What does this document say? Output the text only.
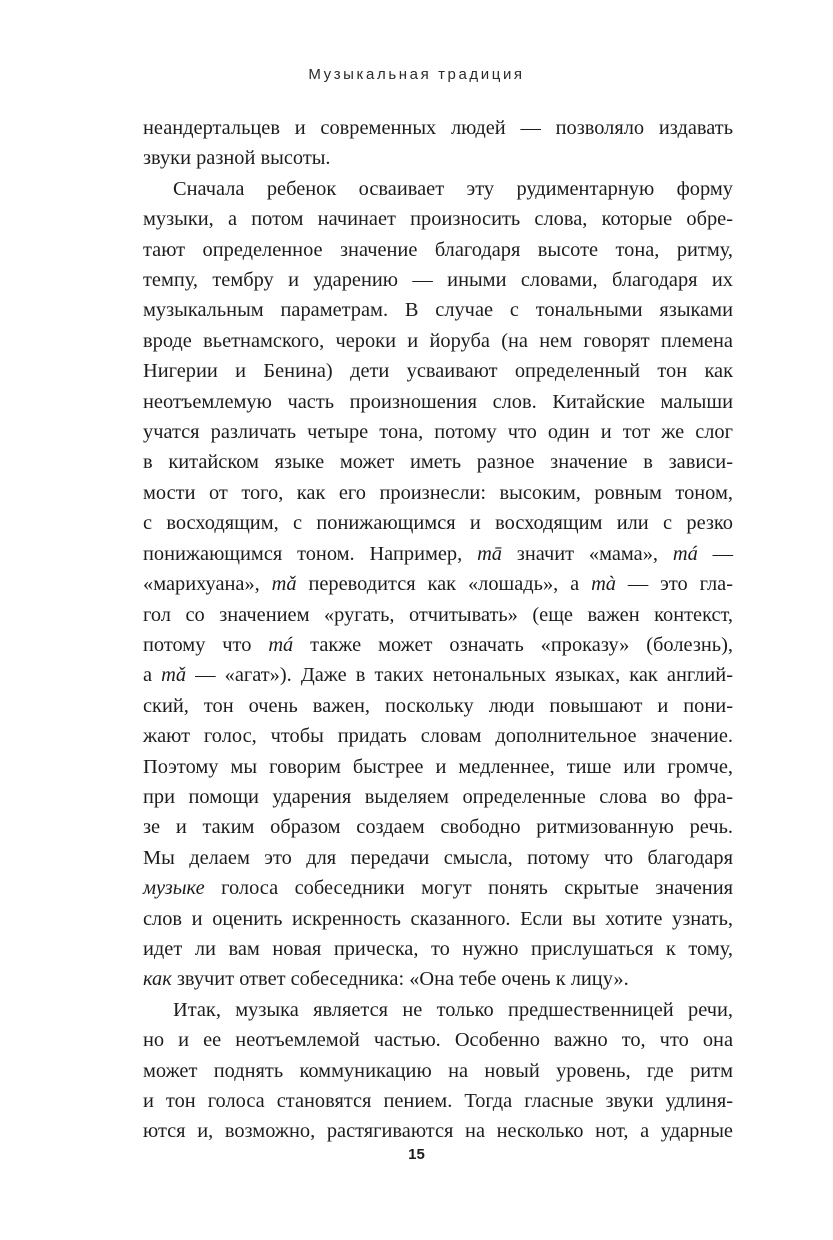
Музыкальная традиция

неандертальцев и современных людей — позволяло издавать
звуки разной высоты.

Сначала ребенок осваивает эту рудиментарную форму
музыки, а потом начинает произносить слова, которые обре-
тают определенное значение благодаря высоте тона, ритму,
темпу, тембру и ударению — иными словами, благодаря их
музыкальным параметрам. В случае с тональными языками
вроде вьетнамского, чероки и йоруба (на нем говорят племена
Нигерии и Бенина) дети усваивают определенный тон как
неотъемлемую часть произношения слов. Китайские малыши
учатся различать четыре тона, потому что один и тот же слог
в китайском языке может иметь разное значение в зависи-
мости от того, как его произнесли: высоким, ровным тоном,
с восходящим, с понижающимся и восходящим или с резко
понижающимся тоном. Например, mā значит «мама», má —
«марихуана», mǎ переводится как «лошадь», а mà — это гла-
гол со значением «ругать, отчитывать» (еще важен контекст,
потому что má также может означать «проказу» (болезнь),
а mǎ — «агат»). Даже в таких нетональных языках, как англий-
ский, тон очень важен, поскольку люди повышают и пони-
жают голос, чтобы придать словам дополнительное значение.
Поэтому мы говорим быстрее и медленнее, тише или громче,
при помощи ударения выделяем определенные слова во фра-
зе и таким образом создаем свободно ритмизованную речь.
Мы делаем это для передачи смысла, потому что благодаря
музыке голоса собеседники могут понять скрытые значения
слов и оценить искренность сказанного. Если вы хотите узнать,
идет ли вам новая прическа, то нужно прислушаться к тому,
как звучит ответ собеседника: «Она тебе очень к лицу».

Итак, музыка является не только предшественницей речи,
но и ее неотъемлемой частью. Особенно важно то, что она
может поднять коммуникацию на новый уровень, где ритм
и тон голоса становятся пением. Тогда гласные звуки удлиня-
ются и, возможно, растягиваются на несколько нот, а ударные

15
